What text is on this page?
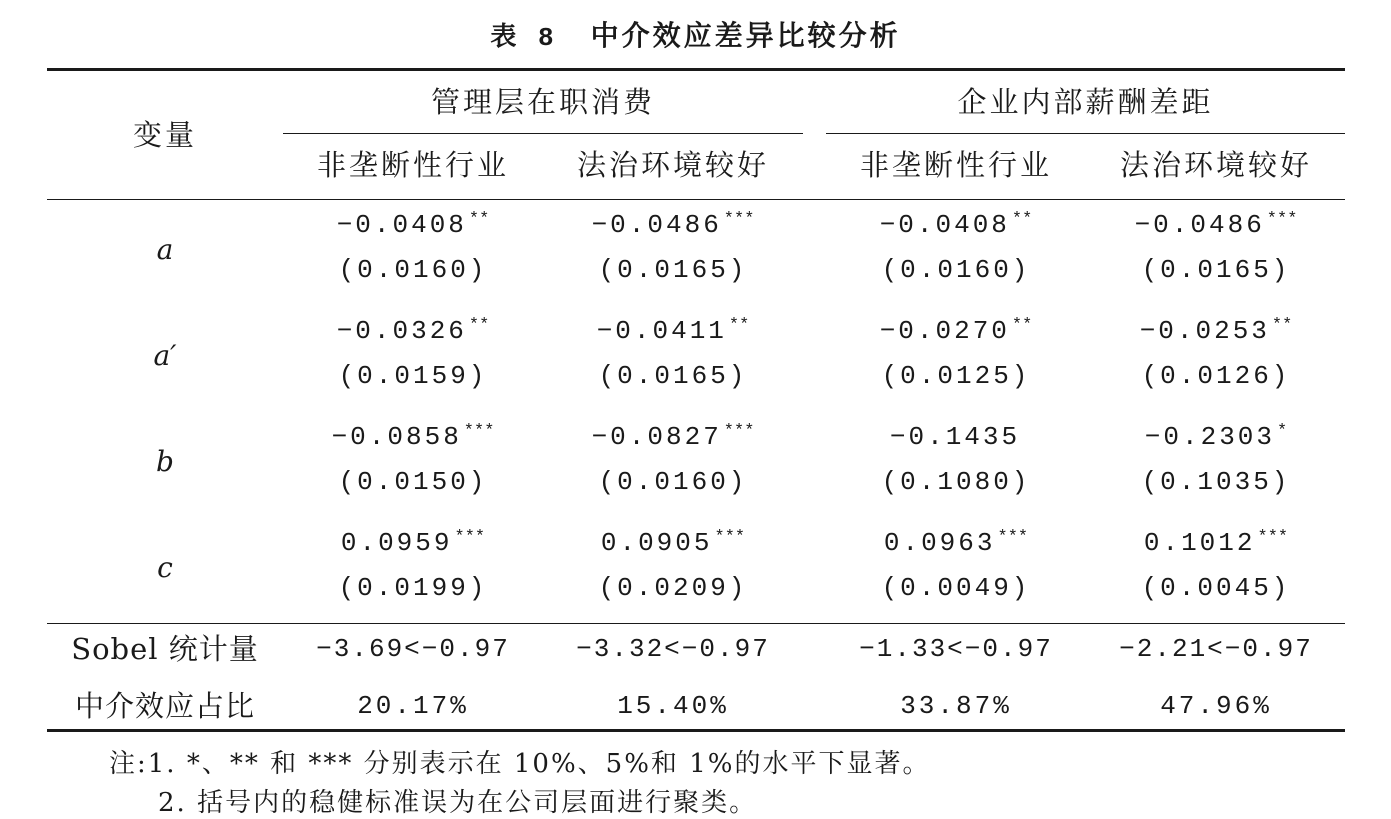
表 8 中介效应差异比较分析
变量
管理层在职消费	企业内部薪酬差距
非垄断性行业	法治环境较好	非垄断性行业	法治环境较好
a
−0.0408 **	−0.0486 ***	−0.0408 **	−0.0486 ***
(0.0160)	(0.0165)	(0.0160)	(0.0165)
a′
−0.0326 **	−0.0411 **	−0.0270 **	−0.0253 **
(0.0159)	(0.0165)	(0.0125)	(0.0126)
b
−0.0858 ***	−0.0827 ***	−0.1435	−0.2303 *
(0.0150)	(0.0160)	(0.1080)	(0.1035)
c
0.0959 ***	0.0905 ***	0.0963 ***	0.1012 ***
(0.0199)	(0.0209)	(0.0049)	(0.0045)
Sobel 统计量	−3.69<−0.97	−3.32<−0.97	−1.33<−0.97	−2.21<−0.97
中介效应占比	20.17%	15.40%	33.87%	47.96%
注:1. *、** 和 *** 分别表示在 10%、5%和 1%的水平下显著。
2. 括号内的稳健标准误为在公司层面进行聚类。
